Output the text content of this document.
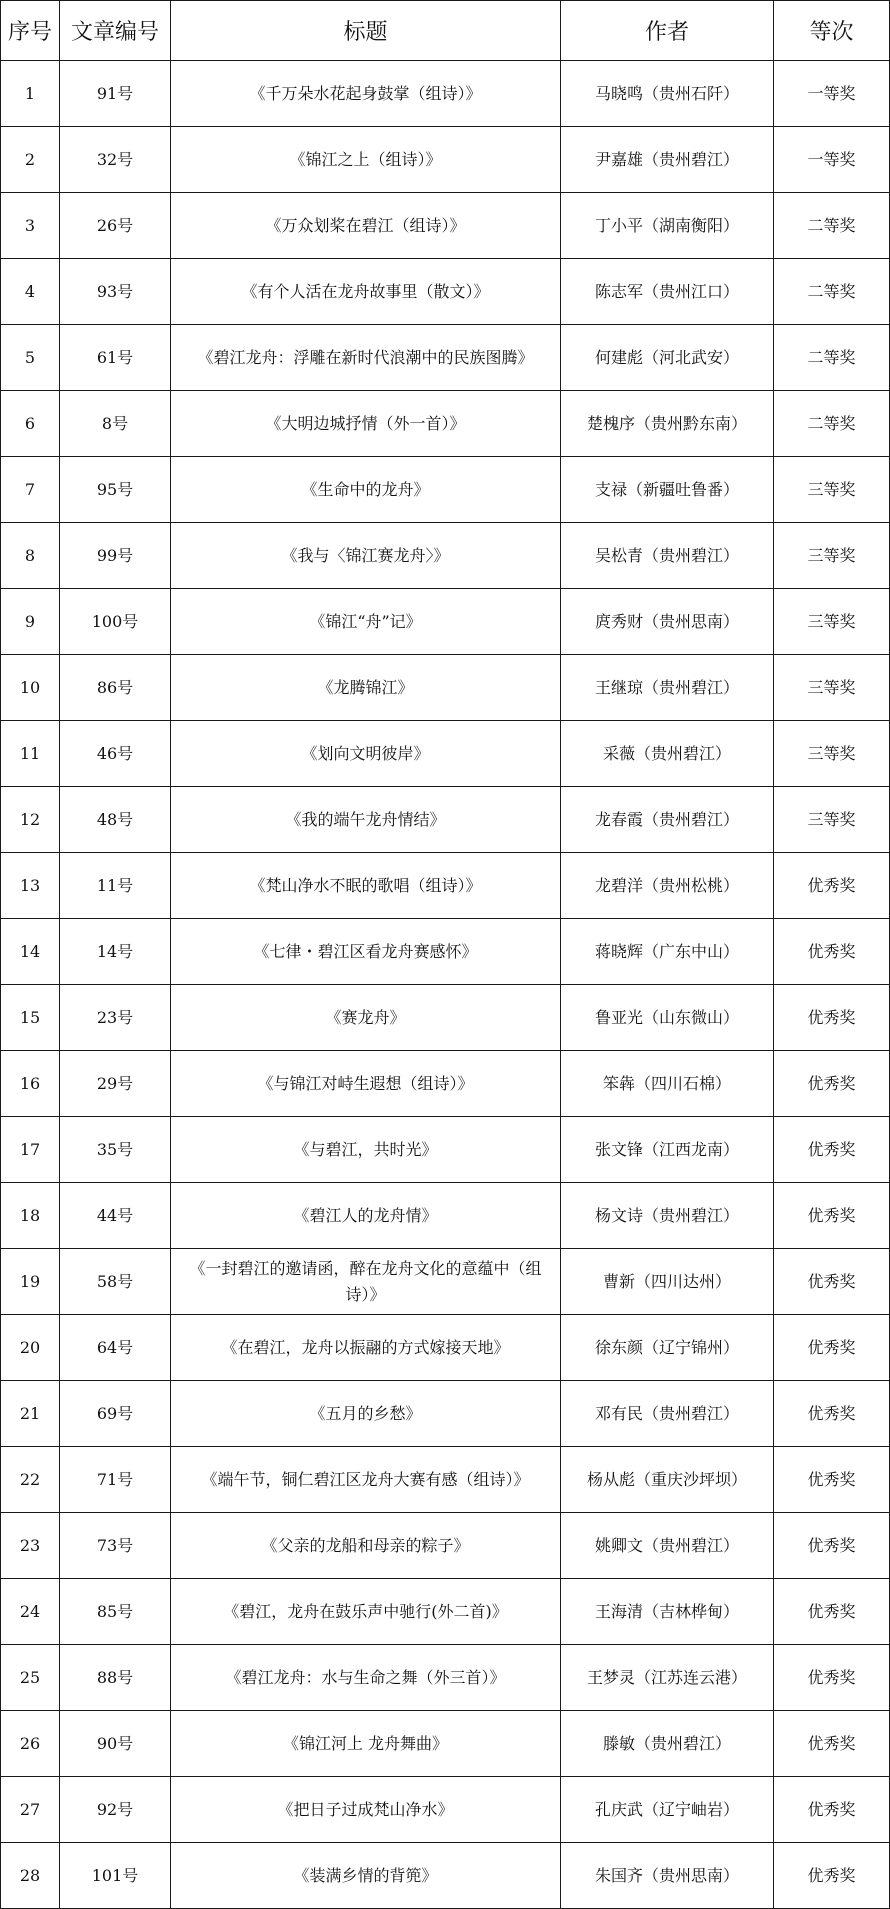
序号	文章编号	标题	作者	等次
1	91号	《千万朵水花起身鼓掌（组诗）》	马晓鸣（贵州石阡）	一等奖
2	32号	《锦江之上（组诗）》	尹嘉雄（贵州碧江）	一等奖
3	26号	《万众划桨在碧江（组诗）》	丁小平（湖南衡阳）	二等奖
4	93号	《有个人活在龙舟故事里（散文）》	陈志军（贵州江口）	二等奖
5	61号	《碧江龙舟：浮雕在新时代浪潮中的民族图腾》	何建彪（河北武安）	二等奖
6	8号	《大明边城抒情（外一首）》	楚槐序（贵州黔东南）	二等奖
7	95号	《生命中的龙舟》	支禄（新疆吐鲁番）	三等奖
8	99号	《我与〈锦江赛龙舟〉》	吴松青（贵州碧江）	三等奖
9	100号	《锦江“舟”记》	庹秀财（贵州思南）	三等奖
10	86号	《龙腾锦江》	王继琼（贵州碧江）	三等奖
11	46号	《划向文明彼岸》	采薇（贵州碧江）	三等奖
12	48号	《我的端午龙舟情结》	龙春霞（贵州碧江）	三等奖
13	11号	《梵山净水不眠的歌唱（组诗）》	龙碧洋（贵州松桃）	优秀奖
14	14号	《七律・碧江区看龙舟赛感怀》	蒋晓辉（广东中山）	优秀奖
15	23号	《赛龙舟》	鲁亚光（山东微山）	优秀奖
16	29号	《与锦江对峙生遐想（组诗）》	笨犇（四川石棉）	优秀奖
17	35号	《与碧江，共时光》	张文锋（江西龙南）	优秀奖
18	44号	《碧江人的龙舟情》	杨文诗（贵州碧江）	优秀奖
19	58号	《一封碧江的邀请函，醉在龙舟文化的意蕴中（组诗）》	曹新（四川达州）	优秀奖
20	64号	《在碧江，龙舟以振翮的方式嫁接天地》	徐东颜（辽宁锦州）	优秀奖
21	69号	《五月的乡愁》	邓有民（贵州碧江）	优秀奖
22	71号	《端午节，铜仁碧江区龙舟大赛有感（组诗）》	杨从彪（重庆沙坪坝）	优秀奖
23	73号	《父亲的龙船和母亲的粽子》	姚卿文（贵州碧江）	优秀奖
24	85号	《碧江，龙舟在鼓乐声中驰行(外二首)》	王海清（吉林桦甸）	优秀奖
25	88号	《碧江龙舟：水与生命之舞（外三首）》	王梦灵（江苏连云港）	优秀奖
26	90号	《锦江河上 龙舟舞曲》	滕敏（贵州碧江）	优秀奖
27	92号	《把日子过成梵山净水》	孔庆武（辽宁岫岩）	优秀奖
28	101号	《装满乡情的背篼》	朱国齐（贵州思南）	优秀奖
